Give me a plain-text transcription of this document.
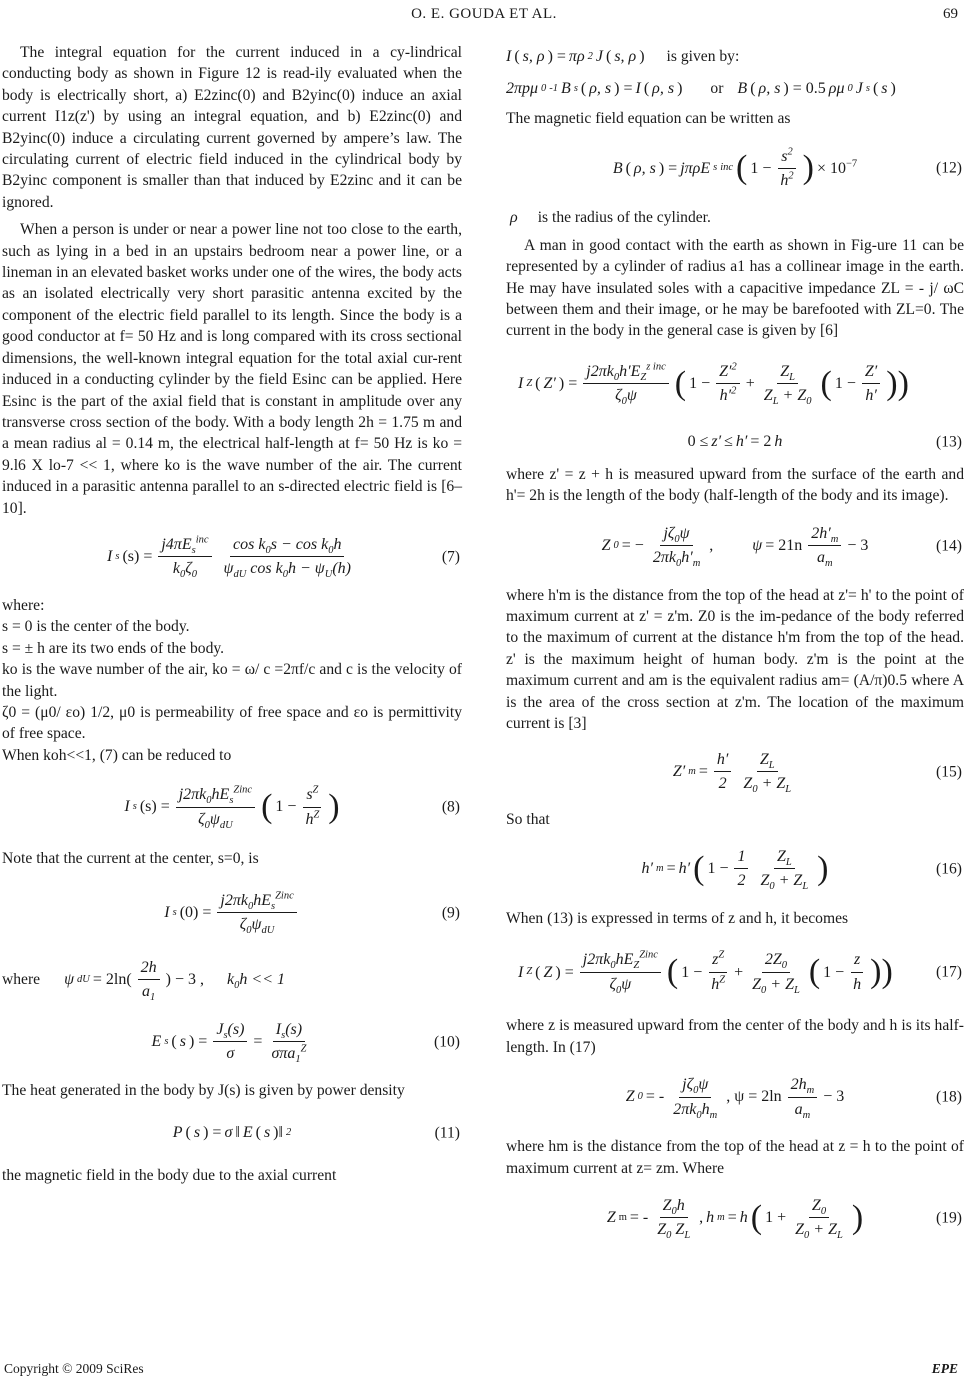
O. E. GOUDA ET AL.	69

The integral equation for the current induced in a cy-lindrical conducting body as shown in Figure 12 is read-ily evaluated when the body is electrically short, a) E2zinc(0) and B2yinc(0) induce an axial current I1z(z') by using an integral equation, and b) E2zinc(0) and B2yinc(0) induce a circulating current governed by ampere’s law. The circulating current of electric field induced in the cylindrical body by B2yinc component is smaller than that induced by E2zinc and it can be ignored.

When a person is under or near a power line not too close to the earth, such as lying in a bed in an upstairs bedroom near a power line, or a lineman in an elevated basket works under one of the wires, the body acts as an isolated electrically very short parasitic antenna excited by the component of the electric field parallel to its length. Since the body is a good conductor at f= 50 Hz and is long compared with its cross sectional dimensions, the well-known integral equation for the total axial cur-rent induced in a conducting cylinder by the field Esinc can be applied. Here Esinc is the part of the axial field that is constant in amplitude over any transverse cross section of the body. With a body length 2h = 1.75 m and a mean radius al = 0.14 m, the electrical half-length at f= 50 Hz is ko = 9.l6 X lo-7 << 1, where ko is the wave number of the air. The current induced in a parasitic antenna parallel to an s-directed electric field is [6–10].

I s $(s) = \frac{j4\pi E_s^{inc}}{k_0\zeta_0} \frac{\cos k_0s - \cos k_0h}{\psi_{dU} \cos k_0h - \psi_U(h)}$	(7)

where:

s = 0 is the center of the body.

s = ± h are its two ends of the body.

ko is the wave number of the air, ko = ω/ c =2πf/c and c is the velocity of the light.

ζ0 = (μ0/ εo) 1/2, μ0 is permeability of free space and εo is permittivity of free space.

When koh<<1, (7) can be reduced to

I s $(s) = \frac{j2\pi k_0hE_s^{Zinc}}{\zeta_0\psi_{dU}}$ ( $1 - \frac{s^Z}{h^Z}$ )	(8)

Note that the current at the center, s=0, is

I s $(0) = \frac{j2\pi k_0hE_s^{Zinc}}{\zeta_0\psi_{dU}}$	(9)
where ψ dU = $2\ln( \frac{2h}{a_1}$ ) − 3 , $k_0h << 1$
E s ( s ) = $\frac{J_s(s)}{\sigma} = \frac{I_s(s)}{\sigma\pi a_1^Z}$	(10)

The heat generated in the body by J(s) is given by power density

P ( s ) = σ ‖ E ( s )‖ 2	(11)

the magnetic field in the body due to the axial current

I ( s, ρ ) = πρ 2 J ( s, ρ ) is given by:
2πpμ 0 -1 B s ( ρ, s ) = I ( ρ, s ) or B ( ρ, s ) = 0.5 ρμ 0 J s ( s )

The magnetic field equation can be written as

B ( ρ, s ) = jπρE s inc ( $1 - \frac{s^2}{h^2}$ ) × $10^{-7}$	(12)

ρ is the radius of the cylinder.

A man in good contact with the earth as shown in Fig-ure 11 can be represented by a cylinder of radius a1 has a collinear image in the earth. He may have insulated soles with a capacitive impedance ZL = - j/ ωC between them and their image, or he may be barefooted with ZL=0. The current in the body in the general case is given by [6]

I Z ( Z′ ) = $\frac{j2\pi k_0h'E_Z^{z inc}}{\zeta_0\psi}$ ( $1 - \frac{Z'^2}{h'^2} + \frac{Z_L}{Z_L + Z_0}$ ( $1 - \frac{Z'}{h'}$ ))
0 ≤ z′ ≤ h′ = 2 h	(13)

where z' = z + h is measured upward from the surface of the earth and h'= 2h is the length of the body (half-length of the body and its image).

Z 0 = − $\frac{j\zeta_0\psi}{2\pi k_0h'_m}$ , $\psi = 21n \frac{2h'_m}{a_m} - 3$	(14)

where h'm is the distance from the top of the head at z'= h' to the point of maximum current at z' = z'm. Z0 is the im-pedance of the body referred to the maximum of current at the distance h'm from the top of the head. z' is the maximum height of human body. z'm is the point at the maximum current and am is the equivalent radius am= (A/π)0.5 where A is the area of the cross section at z'm. The location of the maximum current is [3]

Z′ $m = \frac{h'}{2} \frac{Z_L}{Z_0 + Z_L}$	(15)

So that

h′ m = h′ ( $1 - \frac{1}{2} \frac{Z_L}{Z_0 + Z_L}$ )	(16)

When (13) is expressed in terms of z and h, it becomes

I Z ( Z ) = $\frac{j2\pi k_0hE_Z^{Zinc}}{\zeta_0\psi}$ ( $1 - \frac{z^Z}{h^Z} + \frac{2Z_0}{Z_0 + Z_L}$ ( $1 - \frac{z}{h}$ ))	(17)

where z is measured upward from the center of the body and h is its half-length. In (17)

Z 0 = - $\frac{j\zeta_0\psi}{2\pi k_0h_m}$ , $\psi = 2\ln \frac{2h_m}{a_m} - 3$	(18)

where hm is the distance from the top of the head at z = h to the point of maximum current at z= zm. Where

Z m = - $\frac{Z_0h}{Z_0 Z_L}$ , h m = h ( $1 + \frac{Z_0}{Z_0 + Z_L}$ )	(19)
Copyright © 2009 SciRes	EPE
